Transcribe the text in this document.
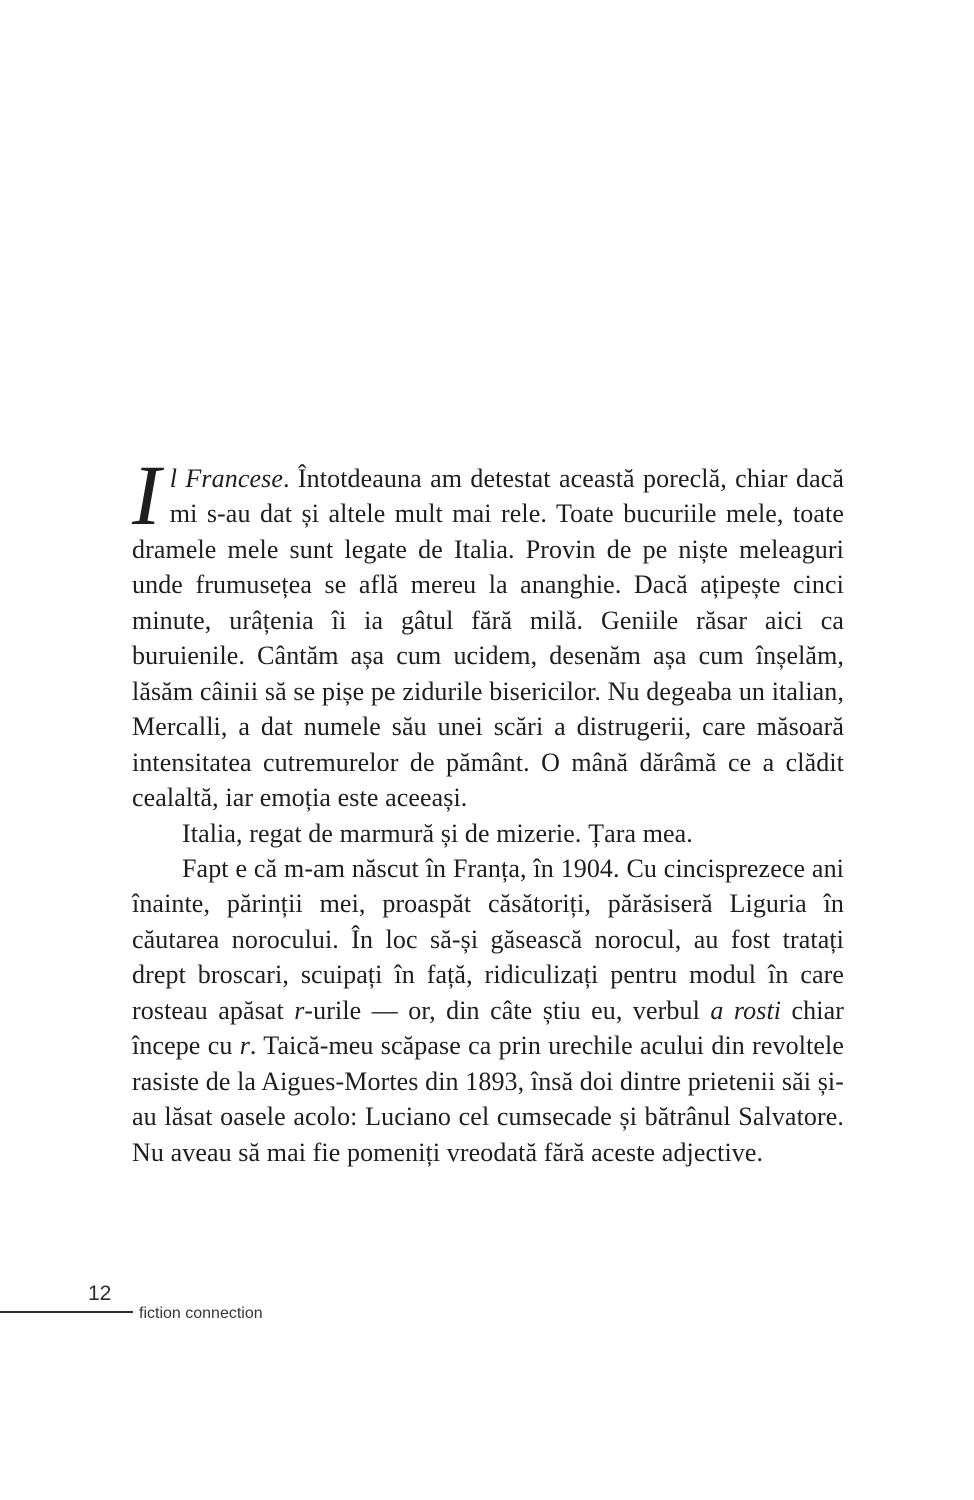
Il Francese. Întotdeauna am detestat această poreclă, chiar dacă mi s-au dat și altele mult mai rele. Toate bucuriile mele, toate dramele mele sunt legate de Italia. Provin de pe niște meleaguri unde frumusețea se află mereu la ananghie. Dacă ațipește cinci minute, urâțenia îi ia gâtul fără milă. Geniile răsar aici ca buruienile. Cântăm așa cum ucidem, desenăm așa cum înșelăm, lăsăm câinii să se pișe pe zidurile bisericilor. Nu degeaba un italian, Mercalli, a dat numele său unei scări a distrugerii, care măsoară intensitatea cutremurelor de pământ. O mână dărâmă ce a clădit cealaltă, iar emoția este aceeași.

Italia, regat de marmură și de mizerie. Țara mea.

Fapt e că m-am născut în Franța, în 1904. Cu cincisprezece ani înainte, părinții mei, proaspăt căsătoriți, părăsiseră Liguria în căutarea norocului. În loc să-și găsească norocul, au fost tratați drept broscari, scuipați în față, ridiculizați pentru modul în care rosteau apăsat r-urile — or, din câte știu eu, verbul a rosti chiar începe cu r. Taică-meu scăpase ca prin urechile acului din revoltele rasiste de la Aigues-Mortes din 1893, însă doi dintre prietenii săi și-au lăsat oasele acolo: Luciano cel cumsecade și bătrânul Salvatore. Nu aveau să mai fie pomeniți vreodată fără aceste adjective.

12
fiction connection
